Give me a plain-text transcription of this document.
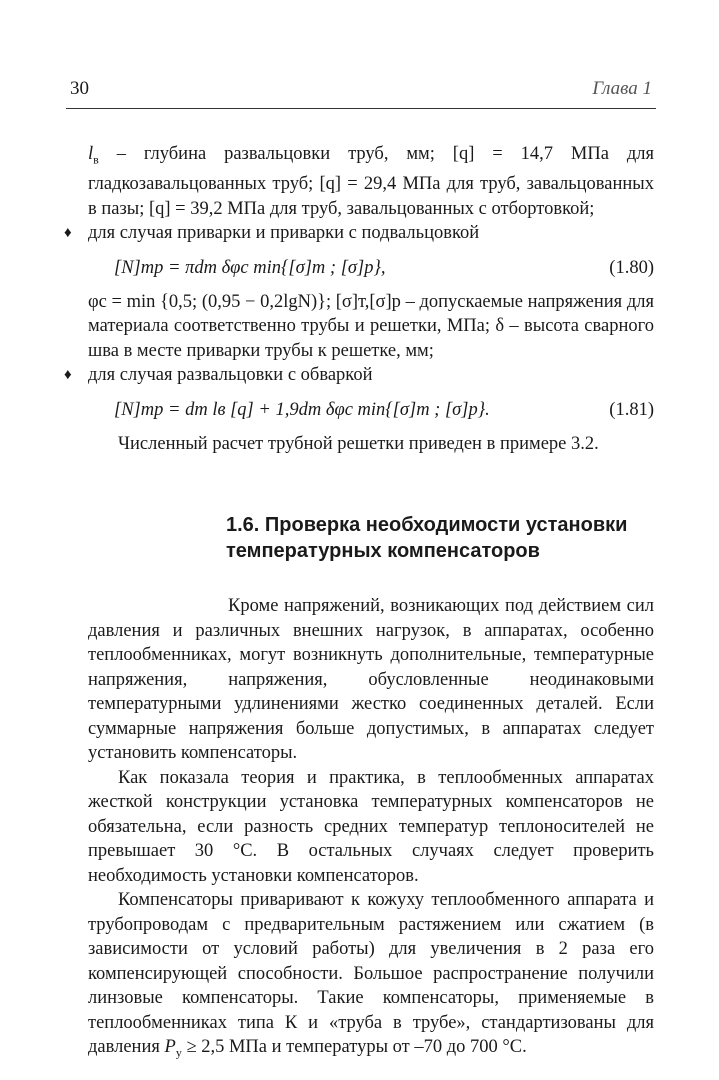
30	Глава 1

$l_в$ – глубина развальцовки труб, мм; [q] = 14,7 МПа для гладкозавальцованных труб; [q] = 29,4 МПа для труб, завальцованных в пазы; [q] = 39,2 МПа для труб, завальцованных с отбортовкой;

♦ для случая приварки и приварки с подвальцовкой

[N]тр = πdт δφc min{[σ]т ; [σ]р},	(1.80)

φc = min {0,5; (0,95 − 0,2lgN)}; [σ]т,[σ]р – допускаемые напряжения для материала соответственно трубы и решетки, МПа; δ – высота сварного шва в месте приварки трубы к решетке, мм;

♦ для случая развальцовки с обваркой

[N]тр = dт lв [q] + 1,9dт δφc min{[σ]т ; [σ]р}.	(1.81)

Численный расчет трубной решетки приведен в примере 3.2.

1.6. Проверка необходимости установки
температурных компенсаторов

Кроме напряжений, возникающих под действием сил давления и различных внешних нагрузок, в аппаратах, особенно теплообменниках, могут возникнуть дополнительные, температурные напряжения, напряжения, обусловленные неодинаковыми температурными удлинениями жестко соединенных деталей. Если суммарные напряжения больше допустимых, в аппаратах следует установить компенсаторы.

Как показала теория и практика, в теплообменных аппаратах жесткой конструкции установка температурных компенсаторов не обязательна, если разность средних температур теплоносителей не превышает 30 °С. В остальных случаях следует проверить необходимость установки компенсаторов.

Компенсаторы приваривают к кожуху теплообменного аппарата и трубопроводам с предварительным растяжением или сжатием (в зависимости от условий работы) для увеличения в 2 раза его компенсирующей способности. Большое распространение получили линзовые компенсаторы. Такие компенсаторы, применяемые в теплообменниках типа К и «труба в трубе», стандартизованы для давления $P_у \ge 2,5$ МПа и температуры от –70 до 700 °С.
